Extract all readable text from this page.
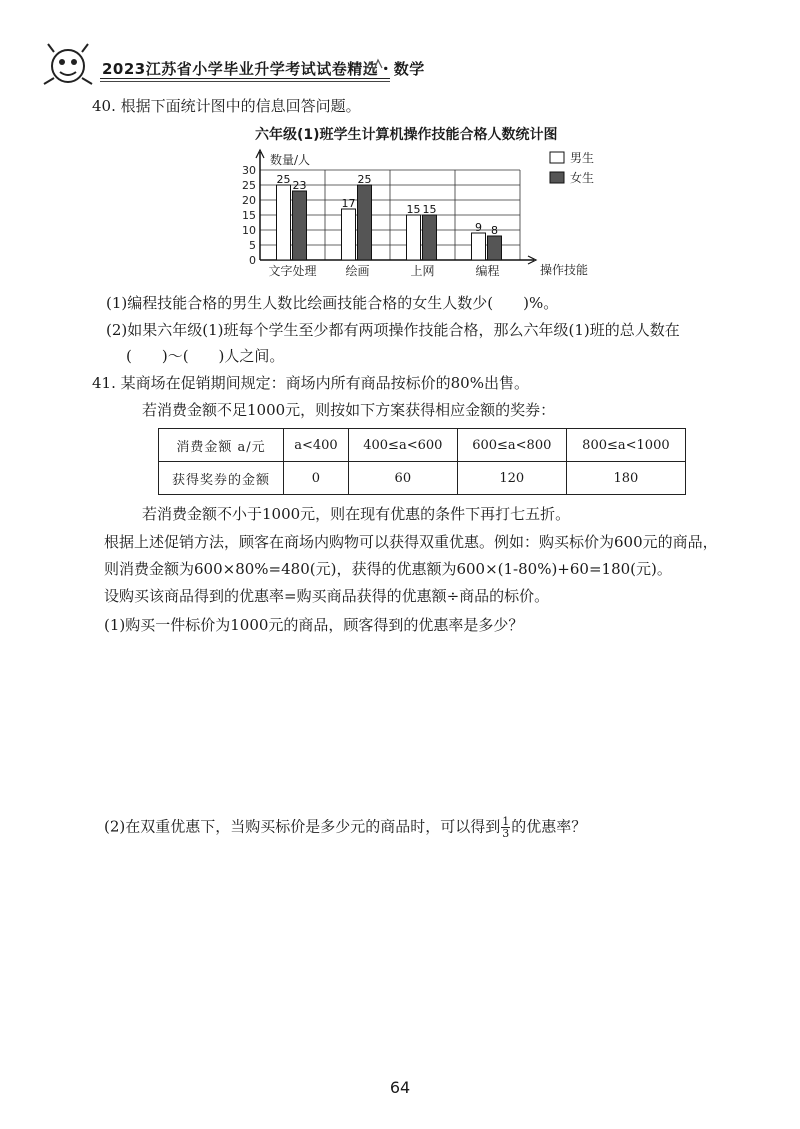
2023江苏省小学毕业升学考试试卷精选・数学
40. 根据下面统计图中的信息回答问题。
六年级(1)班学生计算机操作技能合格人数统计图
0
5
10
15
20
25
30
数量/人
操作技能
25 23
文字处理
17
25
绘画
15 15
上网
9 8
编程
男生
女生
(1)编程技能合格的男生人数比绘画技能合格的女生人数少(　　)%。
(2)如果六年级(1)班每个学生至少都有两项操作技能合格，那么六年级(1)班的总人数在
(　　)～(　　)人之间。
41. 某商场在促销期间规定：商场内所有商品按标价的80%出售。
若消费金额不足1000元，则按如下方案获得相应金额的奖券：
消费金额 a/元	a<400	400≤a<600	600≤a<800	800≤a<1000
获得奖券的金额	0	60	120	180
若消费金额不小于1000元，则在现有优惠的条件下再打七五折。
根据上述促销方法，顾客在商场内购物可以获得双重优惠。例如：购买标价为600元的商品，
则消费金额为600×80%=480(元)，获得的优惠额为600×(1-80%)+60=180(元)。
设购买该商品得到的优惠率=购买商品获得的优惠额÷商品的标价。
(1)购买一件标价为1000元的商品，顾客得到的优惠率是多少？
(2)在双重优惠下，当购买标价是多少元的商品时，可以得到 $\frac{1}{3}$ 的优惠率？
64
